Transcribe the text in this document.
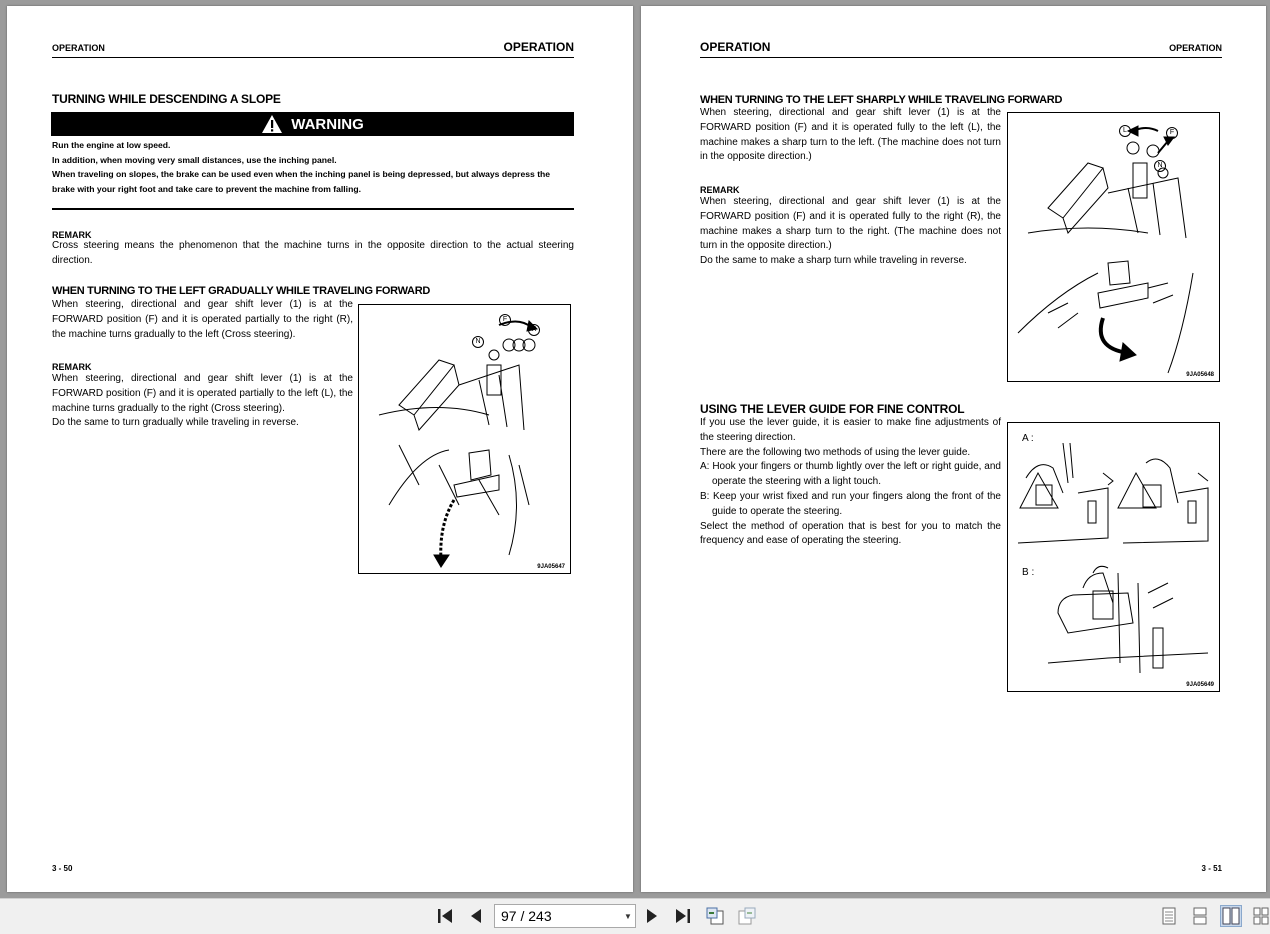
OPERATION	OPERATION
TURNING WHILE DESCENDING A SLOPE
WARNING
Run the engine at low speed.
In addition, when moving very small distances, use the inching panel.
When traveling on slopes, the brake can be used even when the inching panel is being depressed, but always depress the brake with your right foot and take care to prevent the machine from falling.
REMARK
Cross steering means the phenomenon that the machine turns in the opposite direction to the actual steering direction.
WHEN TURNING TO THE LEFT GRADUALLY WHILE TRAVELING FORWARD
When steering, directional and gear shift lever (1) is at the FORWARD position (F) and it is operated partially to the right (R), the machine turns gradually to the left (Cross steering).
REMARK
When steering, directional and gear shift lever (1) is at the FORWARD position (F) and it is operated partially to the left (L), the machine turns gradually to the right (Cross steering).
Do the same to turn gradually while traveling in reverse.
F
R
N
9JA05647
3 - 50
OPERATION	OPERATION
WHEN TURNING TO THE LEFT SHARPLY WHILE TRAVELING FORWARD
When steering, directional and gear shift lever (1) is at the FORWARD position (F) and it is operated fully to the left (L), the machine makes a sharp turn to the left. (The machine does not turn in the opposite direction.)
REMARK
When steering, directional and gear shift lever (1) is at the FORWARD position (F) and it is operated fully to the right (R), the machine makes a sharp turn to the right. (The machine does not turn in the opposite direction.)
Do the same to make a sharp turn while traveling in reverse.
L	F
N
9JA05648
USING THE LEVER GUIDE FOR FINE CONTROL
If you use the lever guide, it is easier to make fine adjustments of the steering direction.
There are the following two methods of using the lever guide.
A: Hook your fingers or thumb lightly over the left or right guide, and operate the steering with a light touch.
B: Keep your wrist fixed and run your fingers along the front of the guide to operate the steering.
Select the method of operation that is best for you to match the frequency and ease of operating the steering.
A :
B :
9JA05649
3 - 51
97 / 243	▼
